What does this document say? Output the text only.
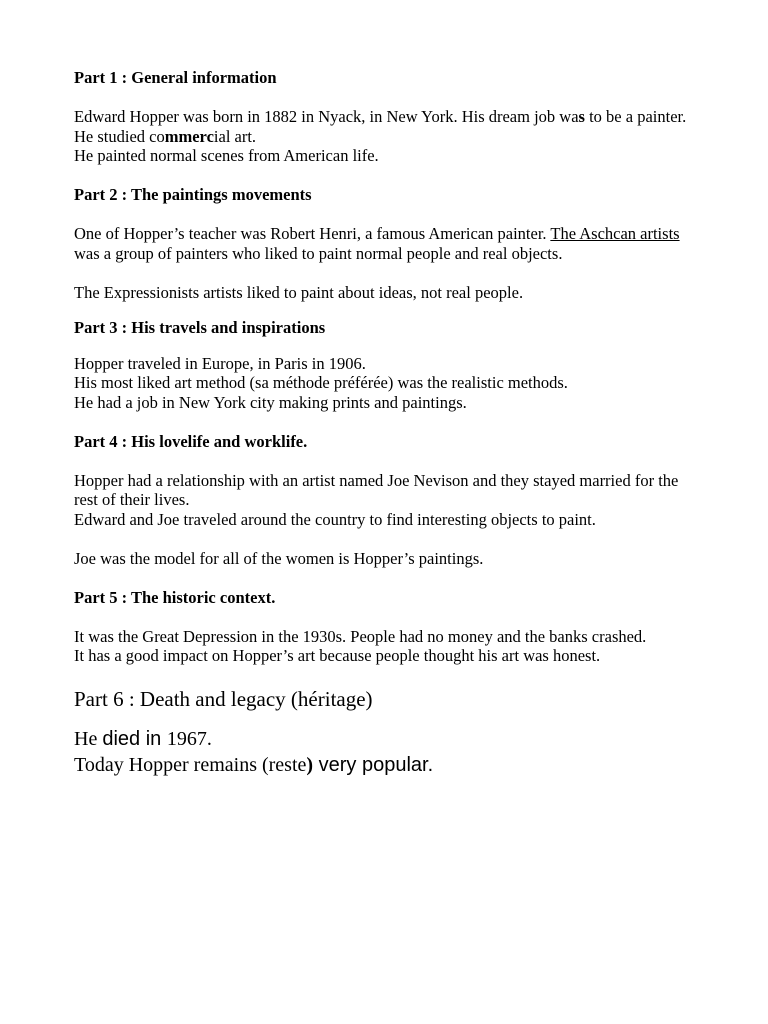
Part 1 : General information

Edward Hopper was born in 1882 in Nyack, in New York. His dream job was to be a painter. He studied commercial art.
He painted normal scenes from American life.

Part 2 : The paintings movements

One of Hopper’s teacher was Robert Henri, a famous American painter. The Aschcan artists was a group of painters who liked to paint normal people and real objects.

The Expressionists artists liked to paint about ideas, not real people.

Part 3 : His travels and inspirations

Hopper traveled in Europe, in Paris in 1906.
His most liked art method (sa méthode préférée) was the realistic methods.
He had a job in New York city making prints and paintings.

Part 4 : His lovelife and worklife.

Hopper had a relationship with an artist named Joe Nevison and they stayed married for the rest of their lives.
Edward and Joe traveled around the country to find interesting objects to paint.

Joe was the model for all of the women is Hopper’s paintings.

Part 5 : The historic context.

It was the Great Depression in the 1930s. People had no money and the banks crashed.
It has a good impact on Hopper’s art because people thought his art was honest.

Part 6 : Death and legacy (héritage)

He died in 1967.

Today Hopper remains (reste) very popular.
